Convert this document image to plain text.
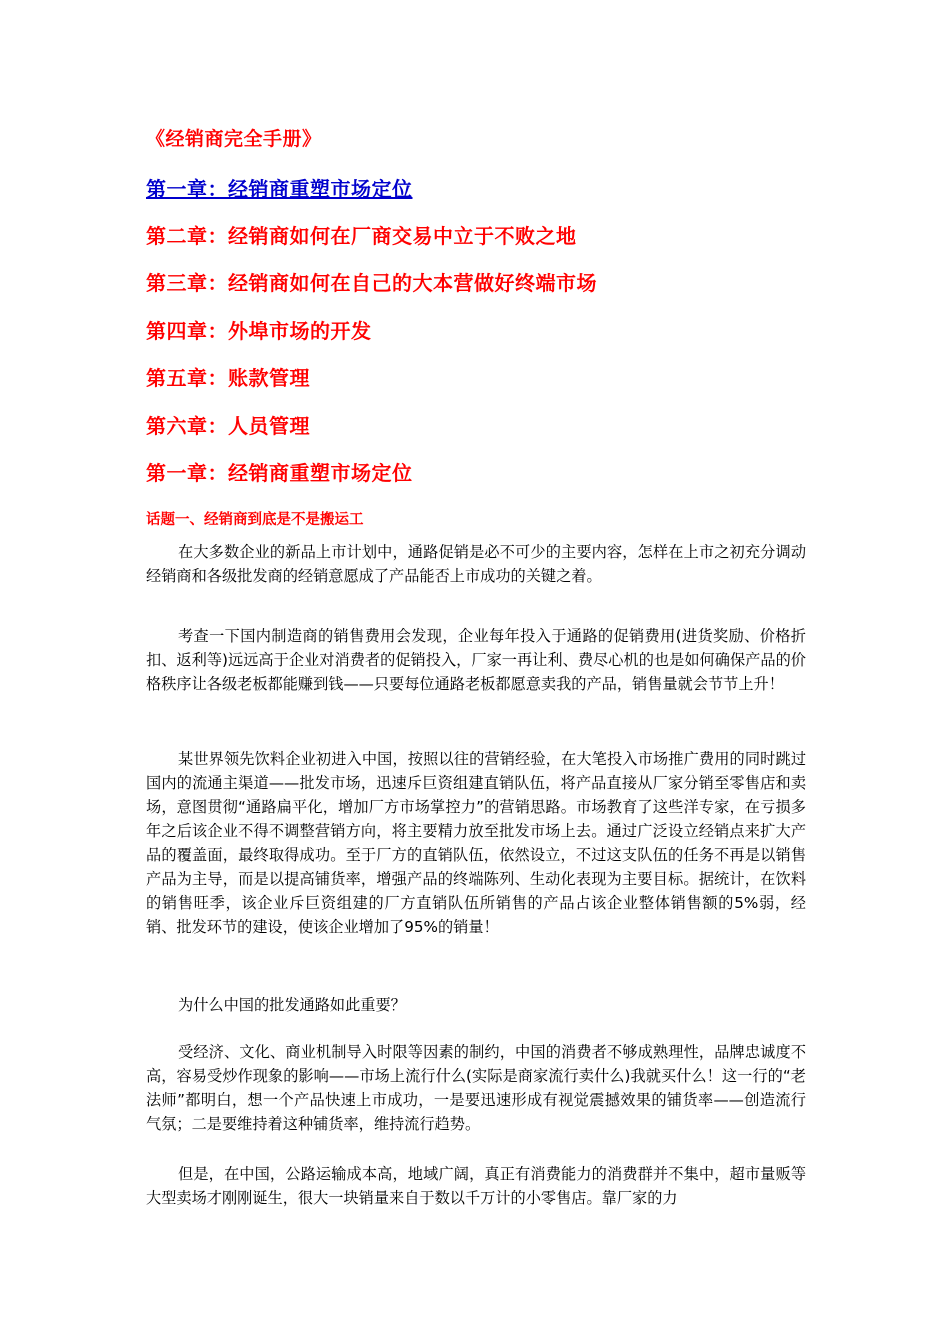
《经销商完全手册》
第一章：经销商重塑市场定位
第二章：经销商如何在厂商交易中立于不败之地
第三章：经销商如何在自己的大本营做好终端市场
第四章：外埠市场的开发
第五章：账款管理
第六章：人员管理
第一章：经销商重塑市场定位
话题一、经销商到底是不是搬运工

在大多数企业的新品上市计划中，通路促销是必不可少的主要内容，怎样在上市之初充分调动经销商和各级批发商的经销意愿成了产品能否上市成功的关键之着。

考查一下国内制造商的销售费用会发现，企业每年投入于通路的促销费用(进货奖励、价格折扣、返利等)远远高于企业对消费者的促销投入，厂家一再让利、费尽心机的也是如何确保产品的价格秩序让各级老板都能赚到钱——只要每位通路老板都愿意卖我的产品，销售量就会节节上升！

某世界领先饮料企业初进入中国，按照以往的营销经验，在大笔投入市场推广费用的同时跳过国内的流通主渠道——批发市场，迅速斥巨资组建直销队伍，将产品直接从厂家分销至零售店和卖场，意图贯彻“通路扁平化，增加厂方市场掌控力”的营销思路。市场教育了这些洋专家，在亏损多年之后该企业不得不调整营销方向，将主要精力放至批发市场上去。通过广泛设立经销点来扩大产品的覆盖面，最终取得成功。至于厂方的直销队伍，依然设立，不过这支队伍的任务不再是以销售产品为主导，而是以提高铺货率，增强产品的终端陈列、生动化表现为主要目标。据统计，在饮料的销售旺季，该企业斥巨资组建的厂方直销队伍所销售的产品占该企业整体销售额的5%弱，经销、批发环节的建设，使该企业增加了95%的销量！

为什么中国的批发通路如此重要？

受经济、文化、商业机制导入时限等因素的制约，中国的消费者不够成熟理性，品牌忠诚度不高，容易受炒作现象的影响——市场上流行什么(实际是商家流行卖什么)我就买什么！这一行的“老法师”都明白，想一个产品快速上市成功，一是要迅速形成有视觉震撼效果的铺货率——创造流行气氛；二是要维持着这种铺货率，维持流行趋势。

但是，在中国，公路运输成本高，地域广阔，真正有消费能力的消费群并不集中，超市量贩等大型卖场才刚刚诞生，很大一块销量来自于数以千万计的小零售店。靠厂家的力
